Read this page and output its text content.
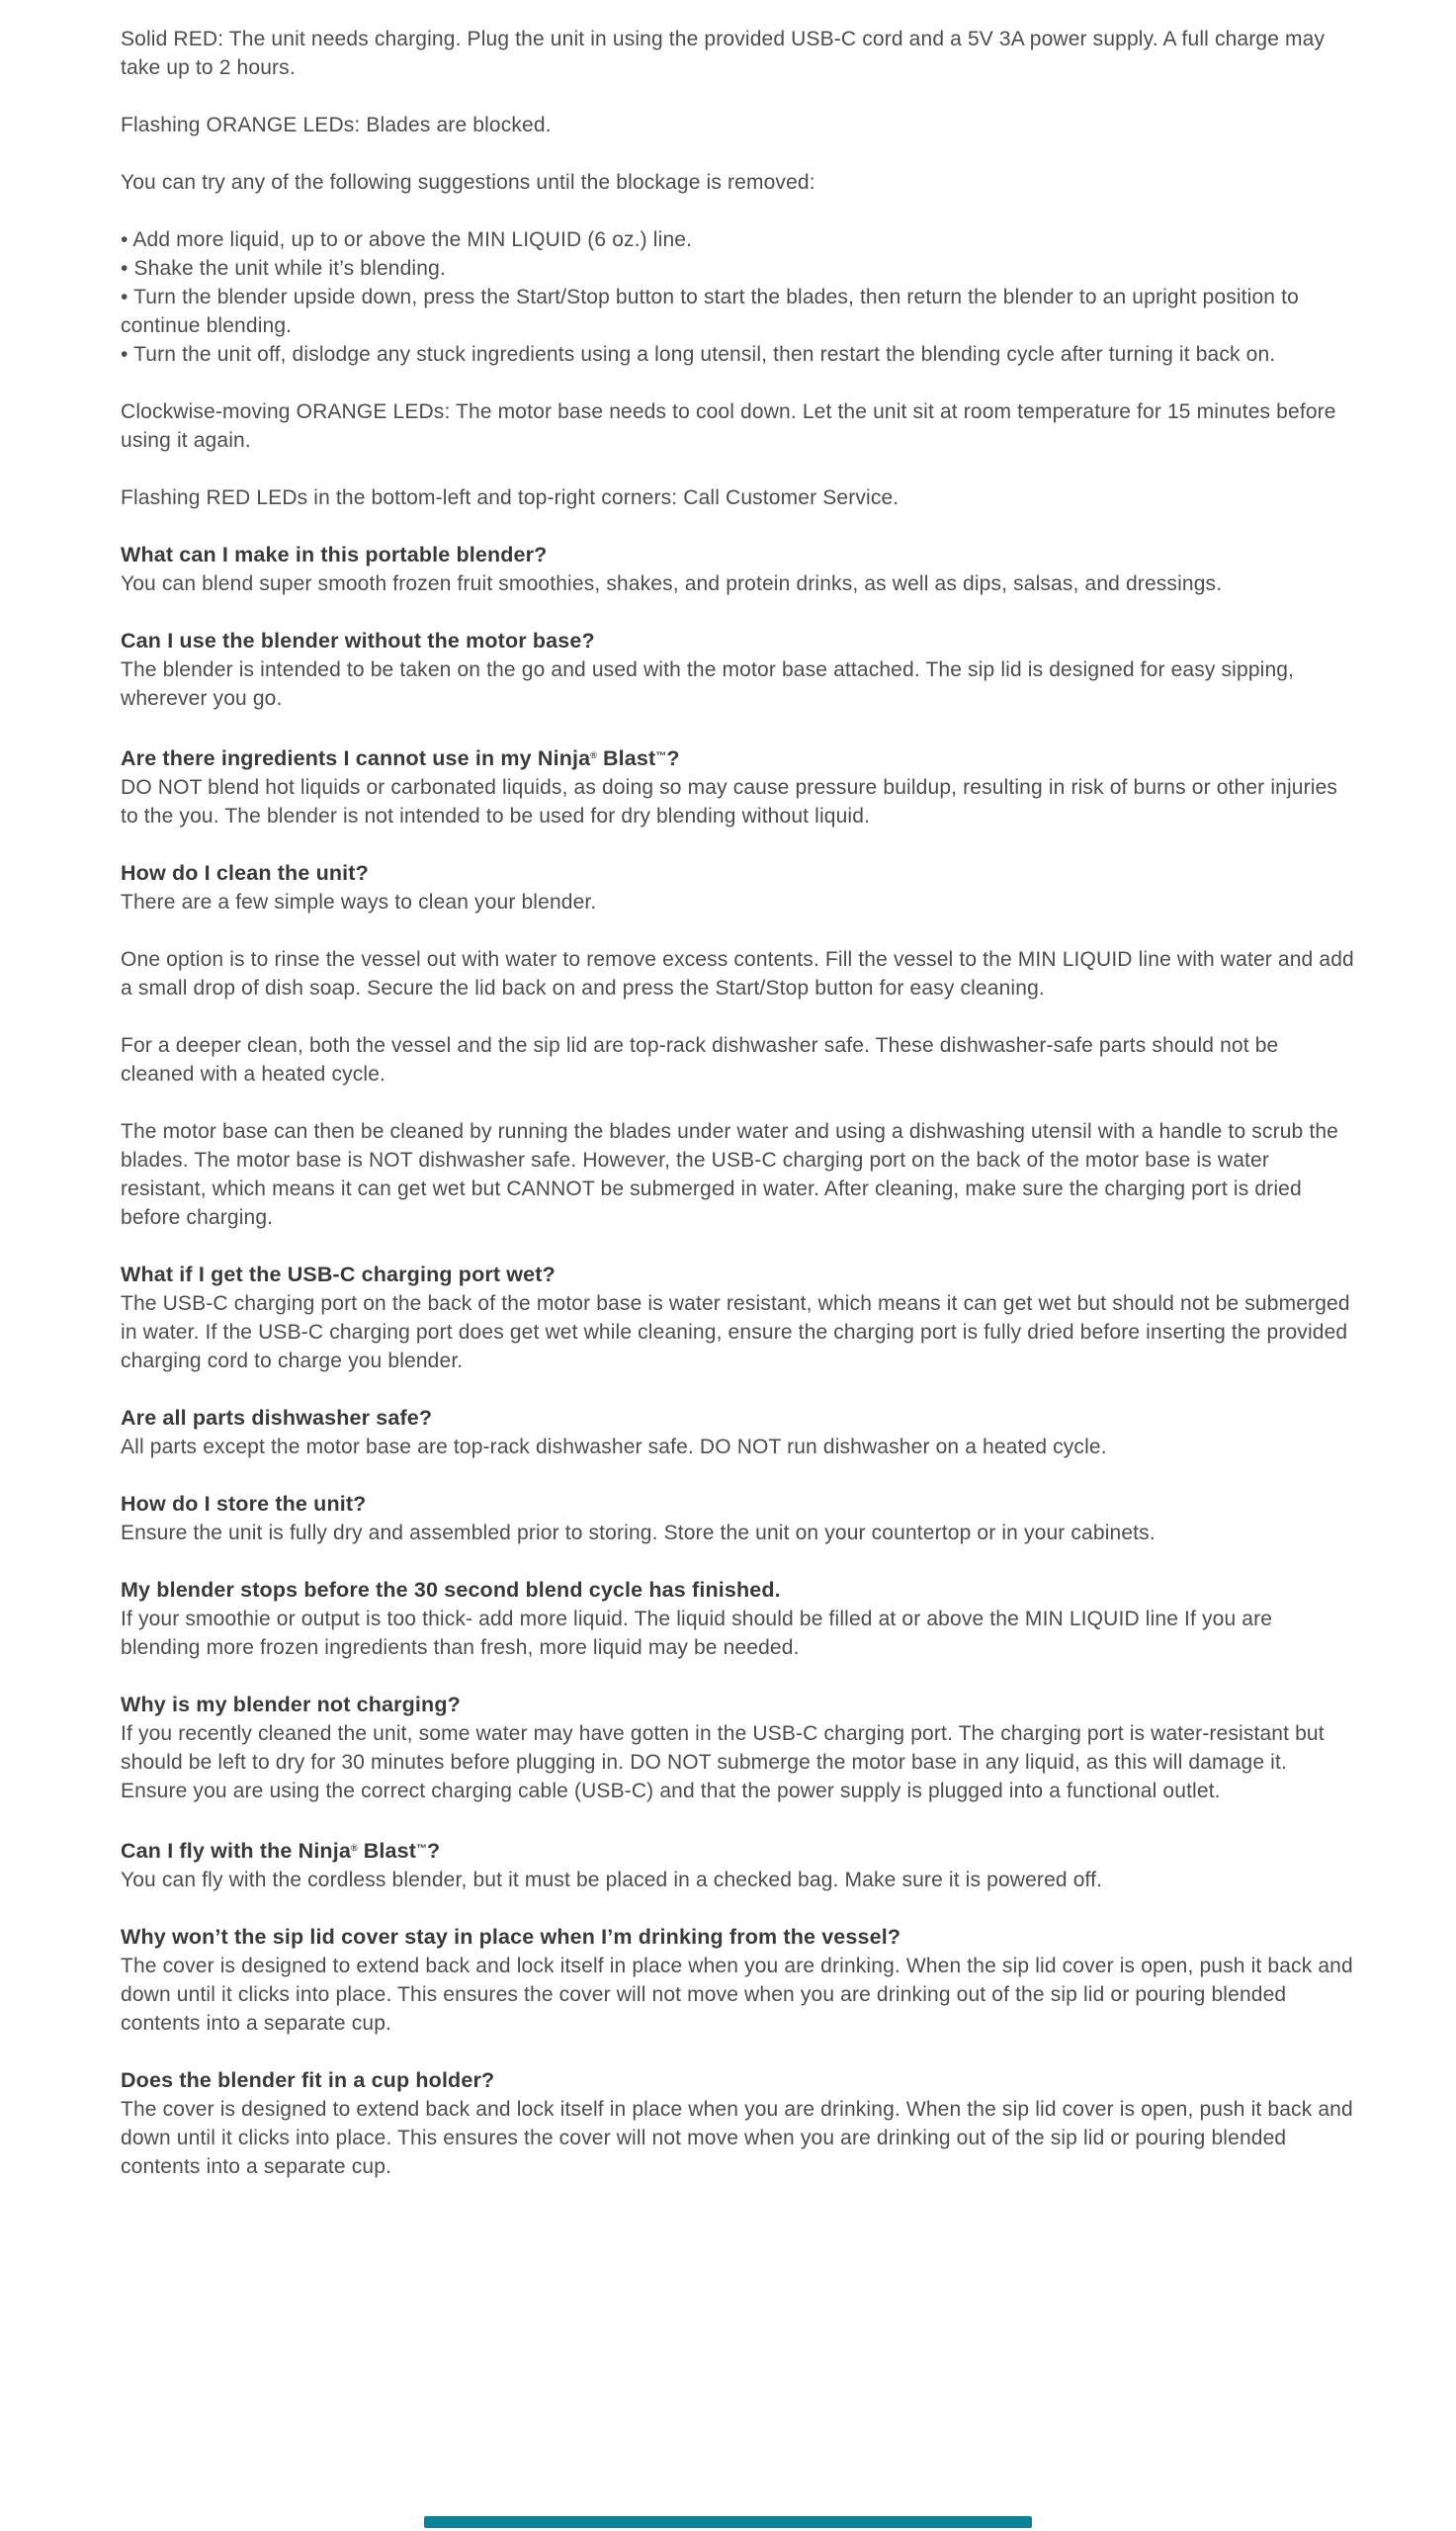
Solid RED: The unit needs charging. Plug the unit in using the provided USB-C cord and a 5V 3A power supply. A full charge may take up to 2 hours.

Flashing ORANGE LEDs: Blades are blocked.

You can try any of the following suggestions until the blockage is removed:

• Add more liquid, up to or above the MIN LIQUID (6 oz.) line.
• Shake the unit while it’s blending.
• Turn the blender upside down, press the Start/Stop button to start the blades, then return the blender to an upright position to continue blending.
• Turn the unit off, dislodge any stuck ingredients using a long utensil, then restart the blending cycle after turning it back on.

Clockwise-moving ORANGE LEDs: The motor base needs to cool down. Let the unit sit at room temperature for 15 minutes before using it again.

Flashing RED LEDs in the bottom-left and top-right corners: Call Customer Service.

What can I make in this portable blender?

You can blend super smooth frozen fruit smoothies, shakes, and protein drinks, as well as dips, salsas, and dressings.

Can I use the blender without the motor base?

The blender is intended to be taken on the go and used with the motor base attached. The sip lid is designed for easy sipping, wherever you go.

Are there ingredients I cannot use in my Ninja® Blast™?

DO NOT blend hot liquids or carbonated liquids, as doing so may cause pressure buildup, resulting in risk of burns or other injuries to the you. The blender is not intended to be used for dry blending without liquid.

How do I clean the unit?

There are a few simple ways to clean your blender.

One option is to rinse the vessel out with water to remove excess contents. Fill the vessel to the MIN LIQUID line with water and add a small drop of dish soap. Secure the lid back on and press the Start/Stop button for easy cleaning.

For a deeper clean, both the vessel and the sip lid are top-rack dishwasher safe. These dishwasher-safe parts should not be cleaned with a heated cycle.

The motor base can then be cleaned by running the blades under water and using a dishwashing utensil with a handle to scrub the blades. The motor base is NOT dishwasher safe. However, the USB-C charging port on the back of the motor base is water resistant, which means it can get wet but CANNOT be submerged in water. After cleaning, make sure the charging port is dried before charging.

What if I get the USB-C charging port wet?

The USB-C charging port on the back of the motor base is water resistant, which means it can get wet but should not be submerged in water. If the USB-C charging port does get wet while cleaning, ensure the charging port is fully dried before inserting the provided charging cord to charge you blender.

Are all parts dishwasher safe?

All parts except the motor base are top-rack dishwasher safe. DO NOT run dishwasher on a heated cycle.

How do I store the unit?

Ensure the unit is fully dry and assembled prior to storing. Store the unit on your countertop or in your cabinets.

My blender stops before the 30 second blend cycle has finished.

If your smoothie or output is too thick- add more liquid. The liquid should be filled at or above the MIN LIQUID line If you are blending more frozen ingredients than fresh, more liquid may be needed.

Why is my blender not charging?

If you recently cleaned the unit, some water may have gotten in the USB-C charging port. The charging port is water-resistant but should be left to dry for 30 minutes before plugging in. DO NOT submerge the motor base in any liquid, as this will damage it.

Ensure you are using the correct charging cable (USB-C) and that the power supply is plugged into a functional outlet.

Can I fly with the Ninja® Blast™?

You can fly with the cordless blender, but it must be placed in a checked bag. Make sure it is powered off.

Why won’t the sip lid cover stay in place when I’m drinking from the vessel?

The cover is designed to extend back and lock itself in place when you are drinking. When the sip lid cover is open, push it back and down until it clicks into place. This ensures the cover will not move when you are drinking out of the sip lid or pouring blended contents into a separate cup.

Does the blender fit in a cup holder?

The cover is designed to extend back and lock itself in place when you are drinking. When the sip lid cover is open, push it back and down until it clicks into place. This ensures the cover will not move when you are drinking out of the sip lid or pouring blended contents into a separate cup.
